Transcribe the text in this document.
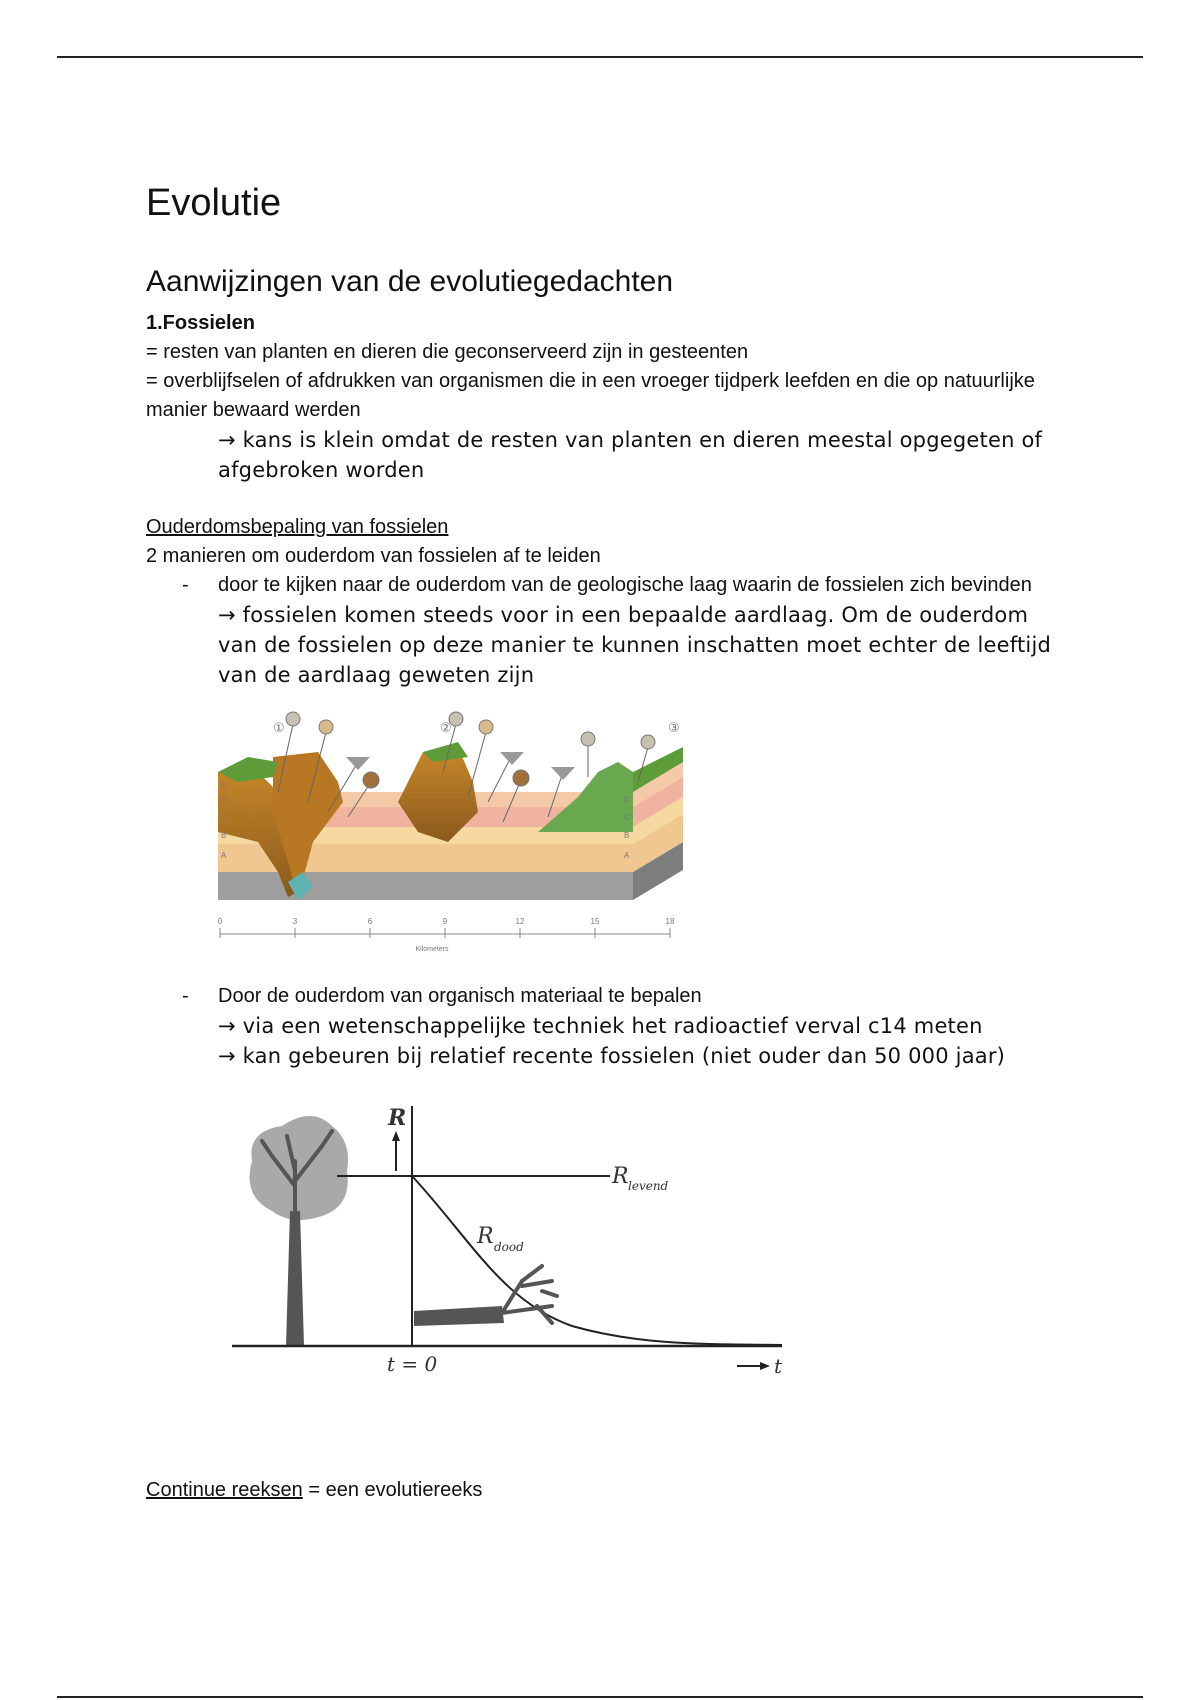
Evolutie
Aanwijzingen van de evolutiegedachten

1.Fossielen

= resten van planten en dieren die geconserveerd zijn in gesteenten

= overblijfselen of afdrukken van organismen die in een vroeger tijdperk leefden en die op natuurlijke manier bewaard werden

→ kans is klein omdat de resten van planten en dieren meestal opgegeten of afgebroken worden

Ouderdomsbepaling van fossielen

2 manieren om ouderdom van fossielen af te leiden

- door te kijken naar de ouderdom van de geologische laag waarin de fossielen zich bevinden

→ fossielen komen steeds voor in een bepaalde aardlaag. Om de ouderdom van de fossielen op deze manier te kunnen inschatten moet echter de leeftijd van de aardlaag geweten zijn

①	②	③
E
D
C
B
A
D
C
B
A
0	3	6	9	12	15	18
Kilometers
- Door de ouderdom van organisch materiaal te bepalen

→ via een wetenschappelijke techniek het radioactief verval c14 meten

→ kan gebeuren bij relatief recente fossielen (niet ouder dan 50 000 jaar)

R
R levend
R dood
t = 0	t

Continue reeksen = een evolutiereeks
